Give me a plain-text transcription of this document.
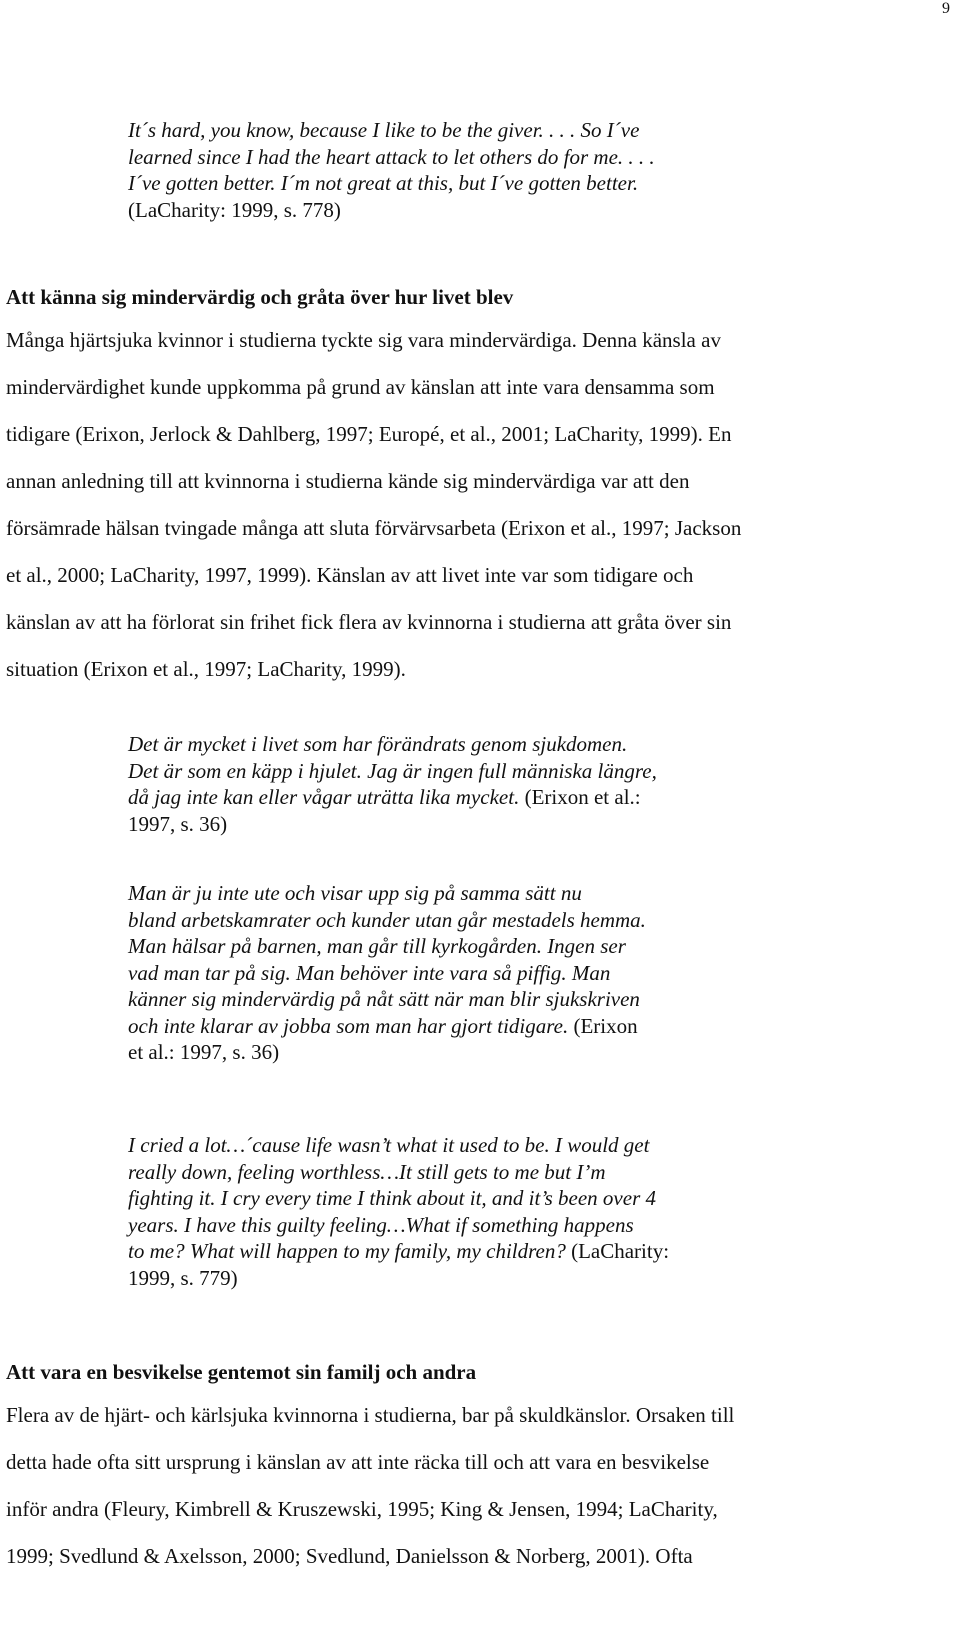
9
It´s hard, you know, because I like to be the giver. . . . So I´ve
learned since I had the heart attack to let others do for me. . . .
I´ve gotten better. I´m not great at this, but I´ve gotten better.
(LaCharity: 1999, s. 778)
Att känna sig mindervärdig och gråta över hur livet blev
Många hjärtsjuka kvinnor i studierna tyckte sig vara mindervärdiga. Denna känsla av
mindervärdighet kunde uppkomma på grund av känslan att inte vara densamma som
tidigare (Erixon, Jerlock & Dahlberg, 1997; Europé, et al., 2001; LaCharity, 1999). En
annan anledning till att kvinnorna i studierna kände sig mindervärdiga var att den
försämrade hälsan tvingade många att sluta förvärvsarbeta (Erixon et al., 1997; Jackson
et al., 2000; LaCharity, 1997, 1999). Känslan av att livet inte var som tidigare och
känslan av att ha förlorat sin frihet fick flera av kvinnorna i studierna att gråta över sin
situation (Erixon et al., 1997; LaCharity, 1999).
Det är mycket i livet som har förändrats genom sjukdomen.
Det är som en käpp i hjulet. Jag är ingen full människa längre,
då jag inte kan eller vågar uträtta lika mycket. (Erixon et al.:
1997, s. 36)
Man är ju inte ute och visar upp sig på samma sätt nu
bland arbetskamrater och kunder utan går mestadels hemma.
Man hälsar på barnen, man går till kyrkogården. Ingen ser
vad man tar på sig. Man behöver inte vara så piffig. Man
känner sig mindervärdig på nåt sätt när man blir sjukskriven
och inte klarar av jobba som man har gjort tidigare. (Erixon
et al.: 1997, s. 36)
I cried a lot…´cause life wasn’t what it used to be. I would get
really down, feeling worthless…It still gets to me but I’m
fighting it. I cry every time I think about it, and it’s been over 4
years. I have this guilty feeling…What if something happens
to me? What will happen to my family, my children? (LaCharity:
1999, s. 779)
Att vara en besvikelse gentemot sin familj och andra
Flera av de hjärt- och kärlsjuka kvinnorna i studierna, bar på skuldkänslor. Orsaken till
detta hade ofta sitt ursprung i känslan av att inte räcka till och att vara en besvikelse
inför andra (Fleury, Kimbrell & Kruszewski, 1995; King & Jensen, 1994; LaCharity,
1999; Svedlund & Axelsson, 2000; Svedlund, Danielsson & Norberg, 2001). Ofta
